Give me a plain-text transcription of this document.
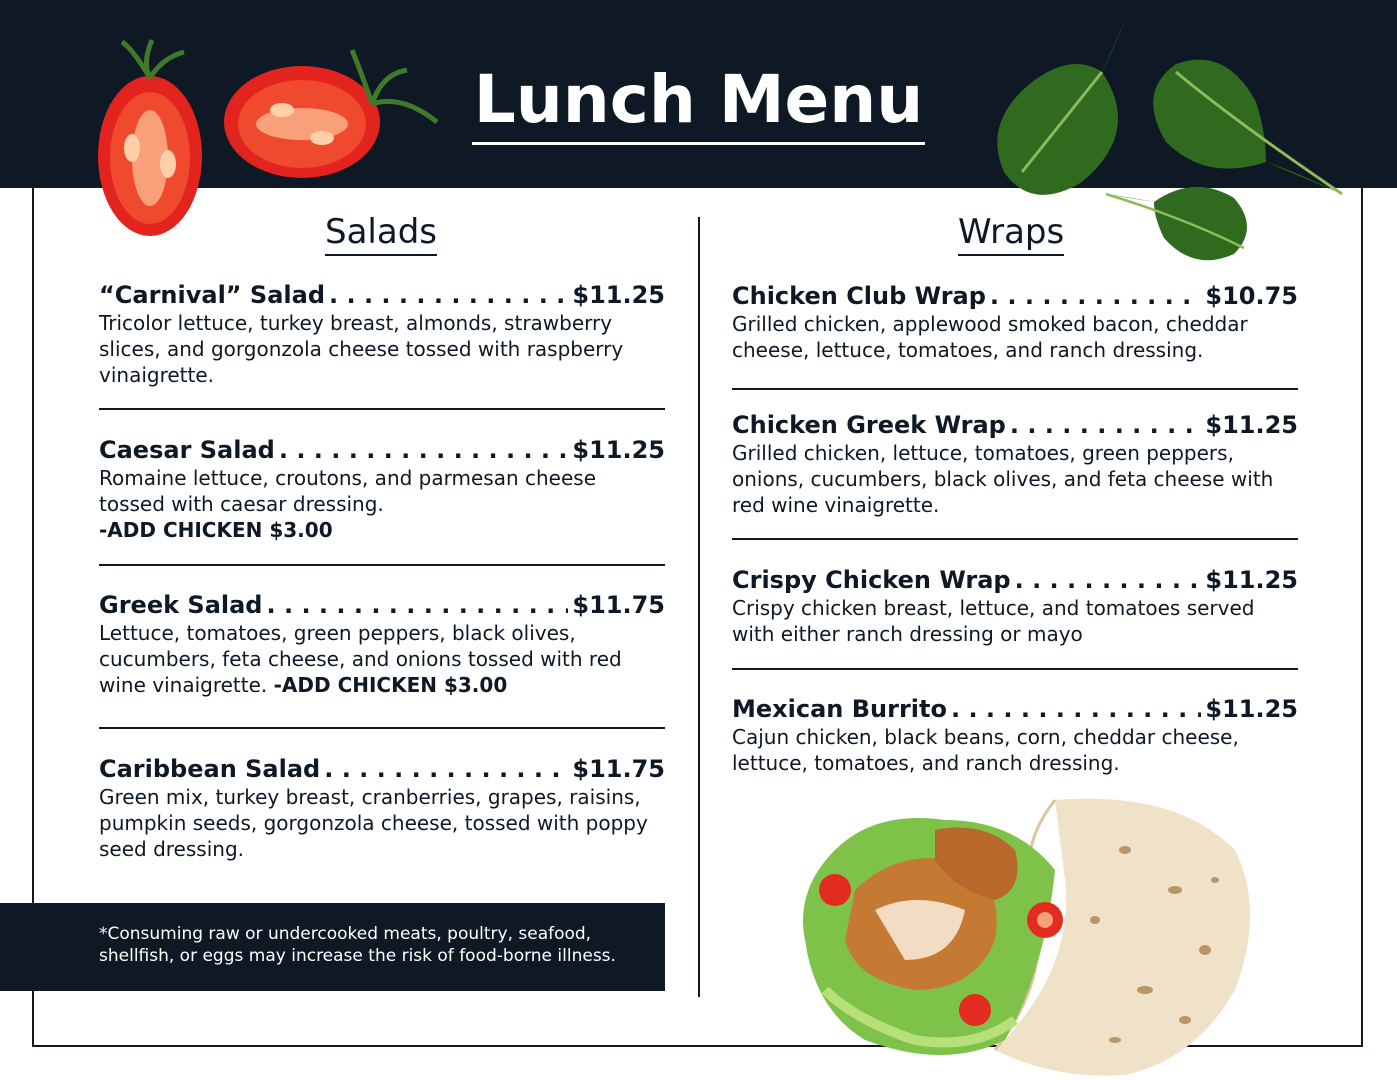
Lunch Menu
Salads	Wraps
“Carnival” Salad . . .	$11.25
Tricolor lettuce, turkey breast, almonds, strawberry slices, and gorgonzola cheese tossed with raspberry vinaigrette.
Caesar Salad . . .	$11.25
Romaine lettuce, croutons, and parmesan cheese tossed with caesar dressing.
-ADD CHICKEN $3.00
Greek Salad . . .	$11.75
Lettuce, tomatoes, green peppers, black olives, cucumbers, feta cheese, and onions tossed with red wine vinaigrette. -ADD CHICKEN $3.00
Caribbean Salad . . .	$11.75
Green mix, turkey breast, cranberries, grapes, raisins, pumpkin seeds, gorgonzola cheese, tossed with poppy seed dressing.
Chicken Club Wrap . . .	$10.75
Grilled chicken, applewood smoked bacon, cheddar cheese, lettuce, tomatoes, and ranch dressing.
Chicken Greek Wrap . . .	$11.25
Grilled chicken, lettuce, tomatoes, green peppers, onions, cucumbers, black olives, and feta cheese with red wine vinaigrette.
Crispy Chicken Wrap . . .	$11.25
Crispy chicken breast, lettuce, and tomatoes served with either ranch dressing or mayo
Mexican Burrito . . .	$11.25
Cajun chicken, black beans, corn, cheddar cheese, lettuce, tomatoes, and ranch dressing.

*Consuming raw or undercooked meats, poultry, seafood, shellfish, or eggs may increase the risk of food-borne illness.
